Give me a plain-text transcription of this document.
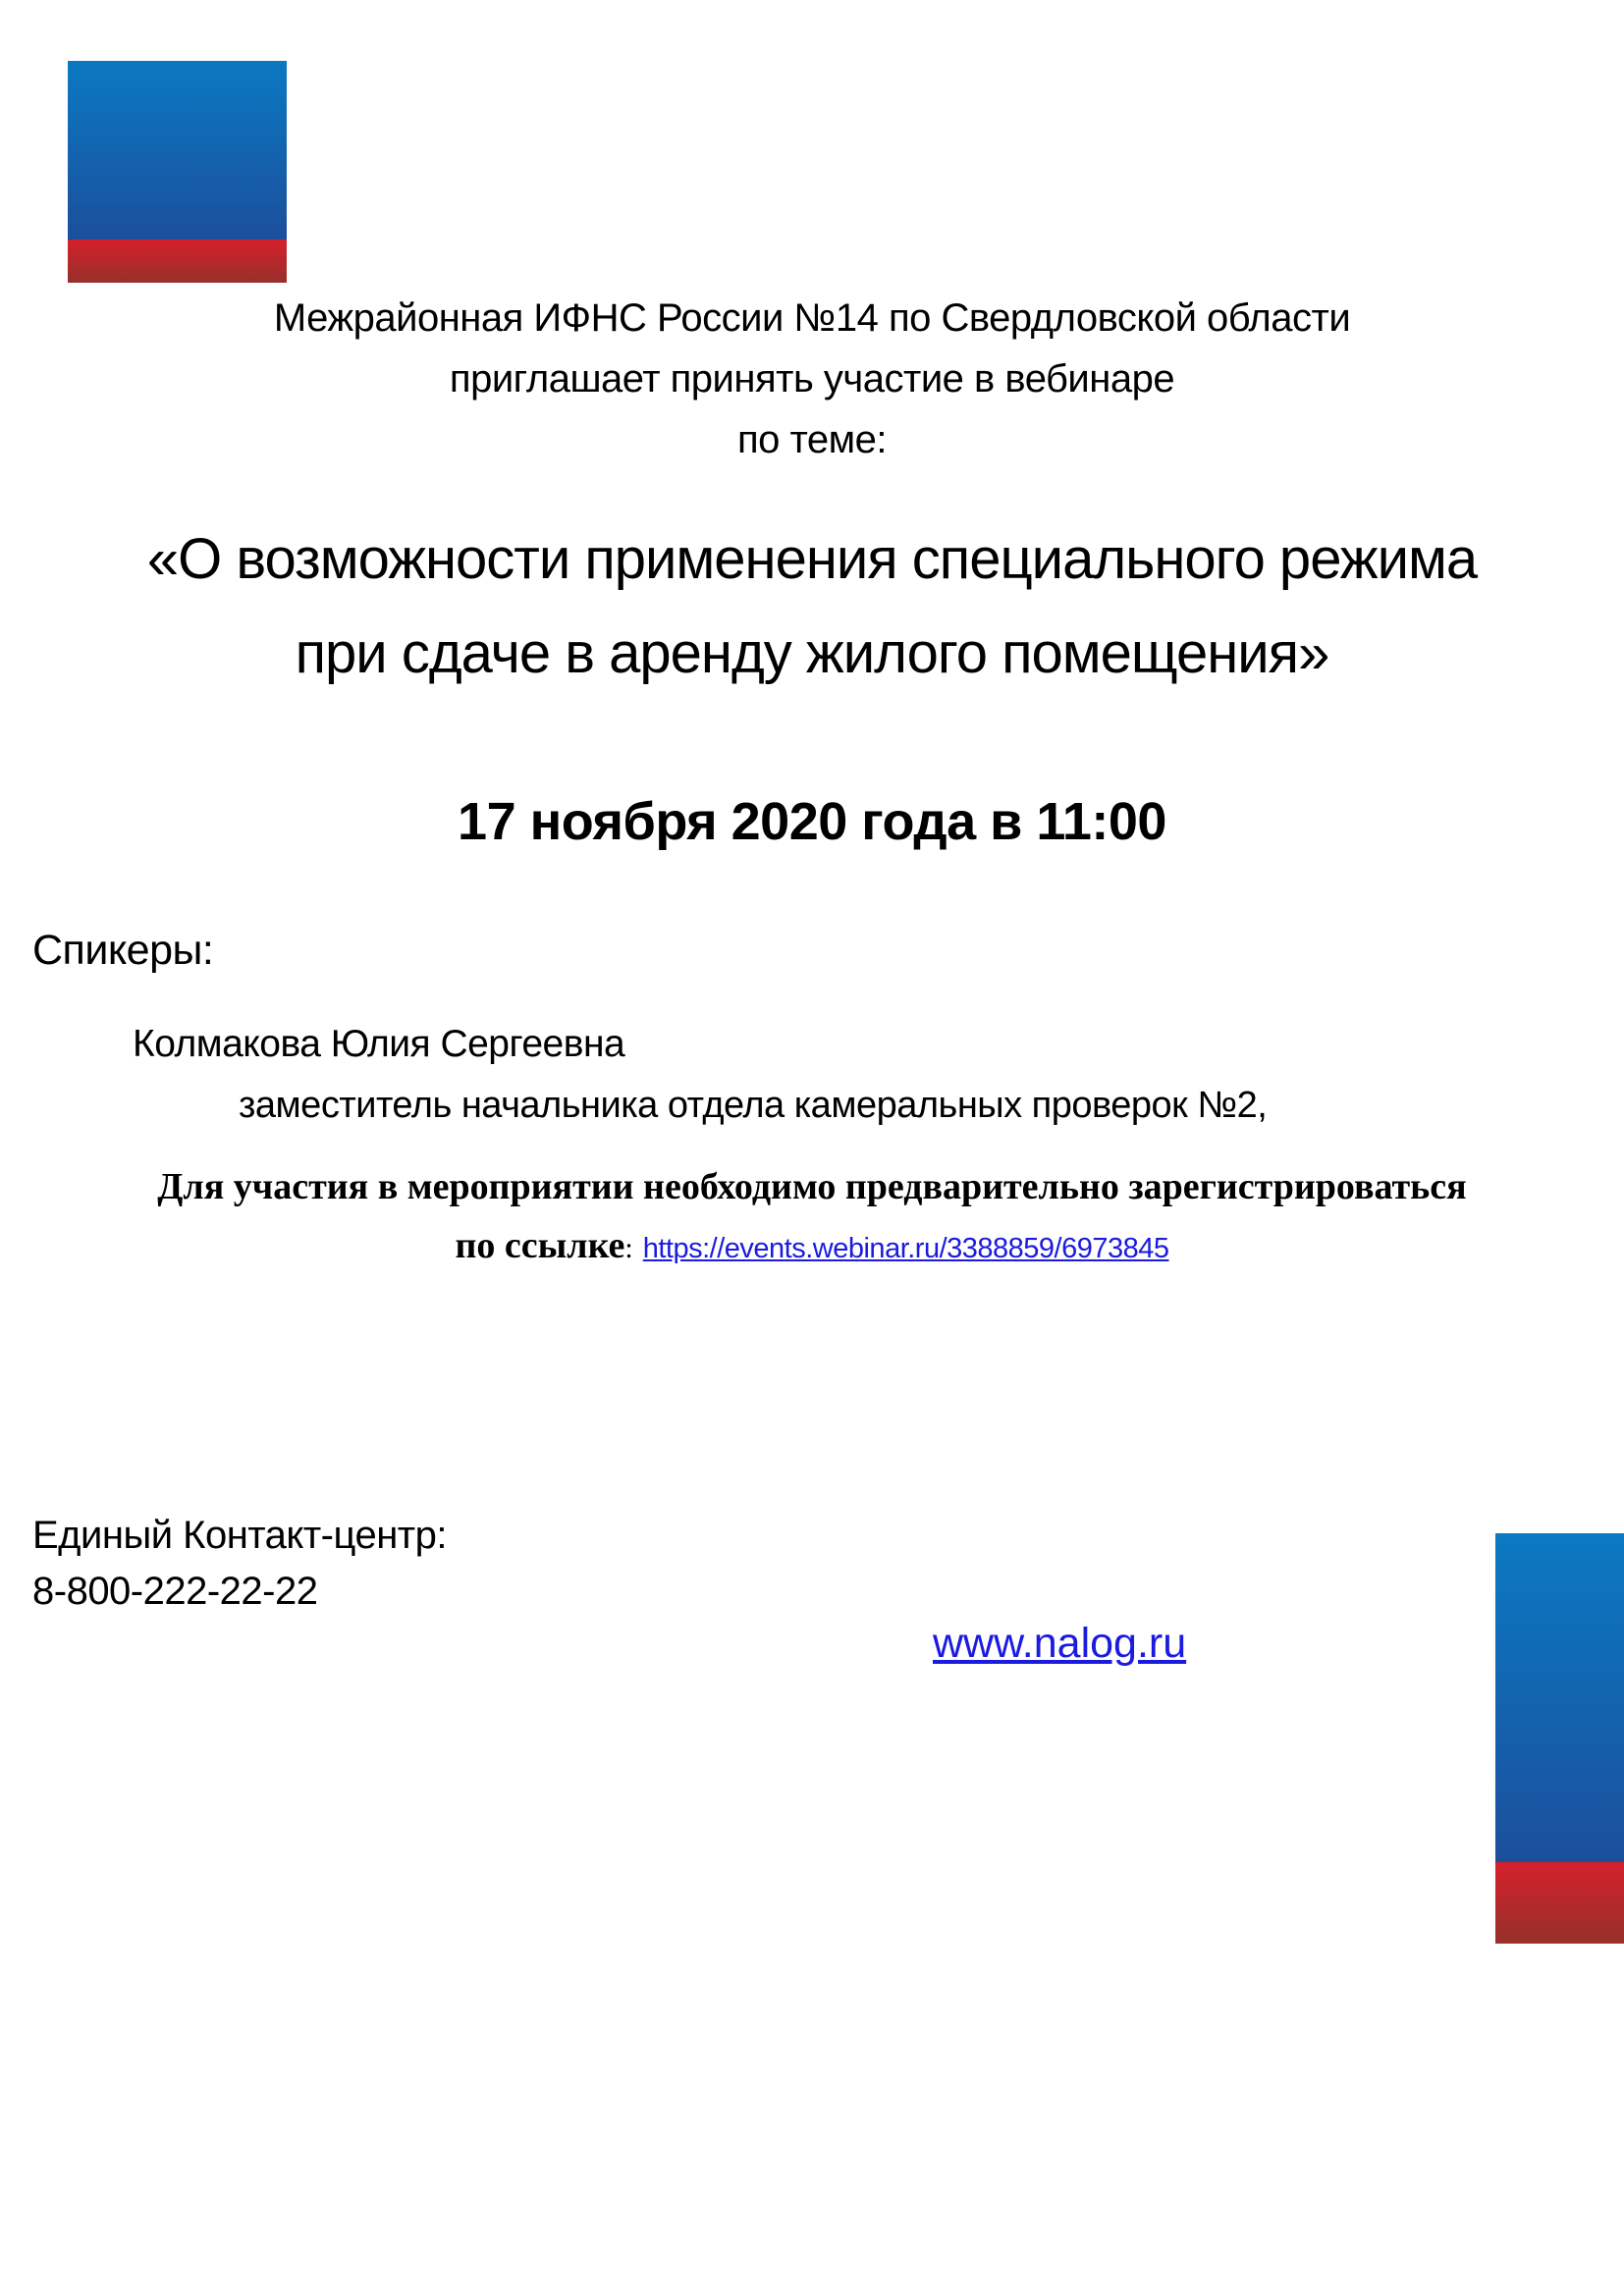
Межрайонная ИФНС России №14 по Свердловской области
приглашает принять участие в вебинаре
по теме:
«О возможности применения специального режима
при сдаче в аренду жилого помещения»
17 ноября 2020 года в 11:00
Спикеры:
Колмакова Юлия Сергеевна
заместитель начальника отдела камеральных проверок №2,
Для участия в мероприятии необходимо предварительно зарегистрироваться
по ссылке: https://events.webinar.ru/3388859/6973845
Единый Контакт-центр:
8-800-222-22-22
www.nalog.ru
